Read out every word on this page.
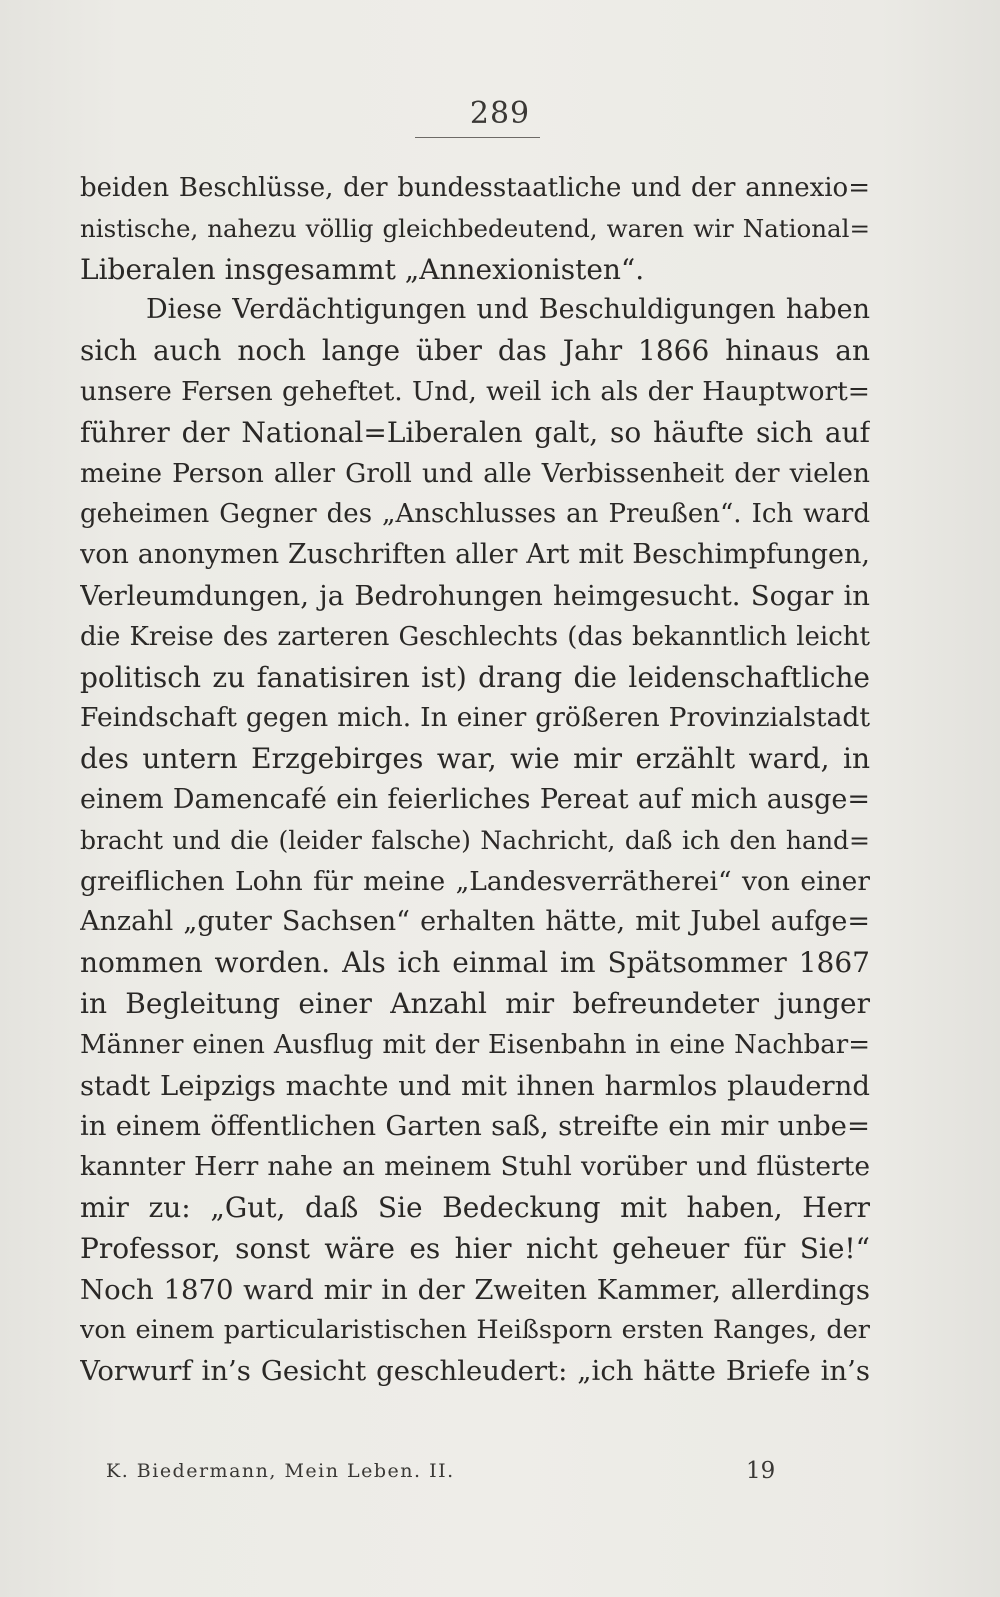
289
beiden Beschlüsse, der bundesstaatliche und der annexio=
nistische, nahezu völlig gleichbedeutend, waren wir National=
Liberalen insgesammt „Annexionisten“.
Diese Verdächtigungen und Beschuldigungen haben
sich auch noch lange über das Jahr 1866 hinaus an
unsere Fersen geheftet. Und, weil ich als der Hauptwort=
führer der National=Liberalen galt, so häufte sich auf
meine Person aller Groll und alle Verbissenheit der vielen
geheimen Gegner des „Anschlusses an Preußen“. Ich ward
von anonymen Zuschriften aller Art mit Beschimpfungen,
Verleumdungen, ja Bedrohungen heimgesucht. Sogar in
die Kreise des zarteren Geschlechts (das bekanntlich leicht
politisch zu fanatisiren ist) drang die leidenschaftliche
Feindschaft gegen mich. In einer größeren Provinzialstadt
des untern Erzgebirges war, wie mir erzählt ward, in
einem Damencafé ein feierliches Pereat auf mich ausge=
bracht und die (leider falsche) Nachricht, daß ich den hand=
greiflichen Lohn für meine „Landesverrätherei“ von einer
Anzahl „guter Sachsen“ erhalten hätte, mit Jubel aufge=
nommen worden. Als ich einmal im Spätsommer 1867
in Begleitung einer Anzahl mir befreundeter junger
Männer einen Ausflug mit der Eisenbahn in eine Nachbar=
stadt Leipzigs machte und mit ihnen harmlos plaudernd
in einem öffentlichen Garten saß, streifte ein mir unbe=
kannter Herr nahe an meinem Stuhl vorüber und flüsterte
mir zu: „Gut, daß Sie Bedeckung mit haben, Herr
Professor, sonst wäre es hier nicht geheuer für Sie!“
Noch 1870 ward mir in der Zweiten Kammer, allerdings
von einem particularistischen Heißsporn ersten Ranges, der
Vorwurf in’s Gesicht geschleudert: „ich hätte Briefe in’s
K. Biedermann, Mein Leben. II.	19
